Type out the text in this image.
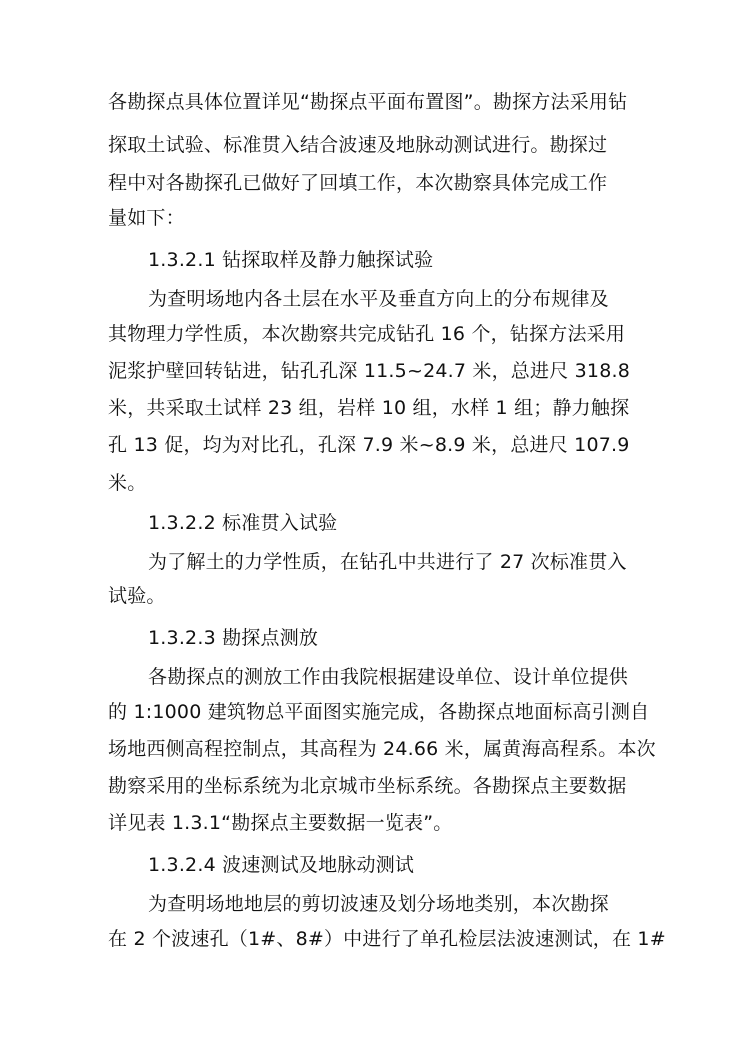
各勘探点具体位置详见“勘探点平面布置图”。勘探方法采用钻
探取土试验、标准贯入结合波速及地脉动测试进行。勘探过
程中对各勘探孔已做好了回填工作，本次勘察具体完成工作
量如下：
1.3.2.1 钻探取样及静力触探试验
为查明场地内各土层在水平及垂直方向上的分布规律及
其物理力学性质，本次勘察共完成钻孔 16 个，钻探方法采用
泥浆护壁回转钻进，钻孔孔深 11.5~24.7 米，总进尺 318.8
米，共采取土试样 23 组，岩样 10 组，水样 1 组；静力触探
孔 13 促，均为对比孔，孔深 7.9 米~8.9 米，总进尺 107.9
米。
1.3.2.2 标准贯入试验
为了解土的力学性质，在钻孔中共进行了 27 次标准贯入
试验。
1.3.2.3 勘探点测放
各勘探点的测放工作由我院根据建设单位、设计单位提供
的 1:1000 建筑物总平面图实施完成，各勘探点地面标高引测自
场地西侧高程控制点，其高程为 24.66 米，属黄海高程系。本次
勘察采用的坐标系统为北京城市坐标系统。各勘探点主要数据
详见表 1.3.1“勘探点主要数据一览表”。
1.3.2.4 波速测试及地脉动测试
为查明场地地层的剪切波速及划分场地类别，本次勘探
在 2 个波速孔（1#、8#）中进行了单孔检层法波速测试，在 1#
